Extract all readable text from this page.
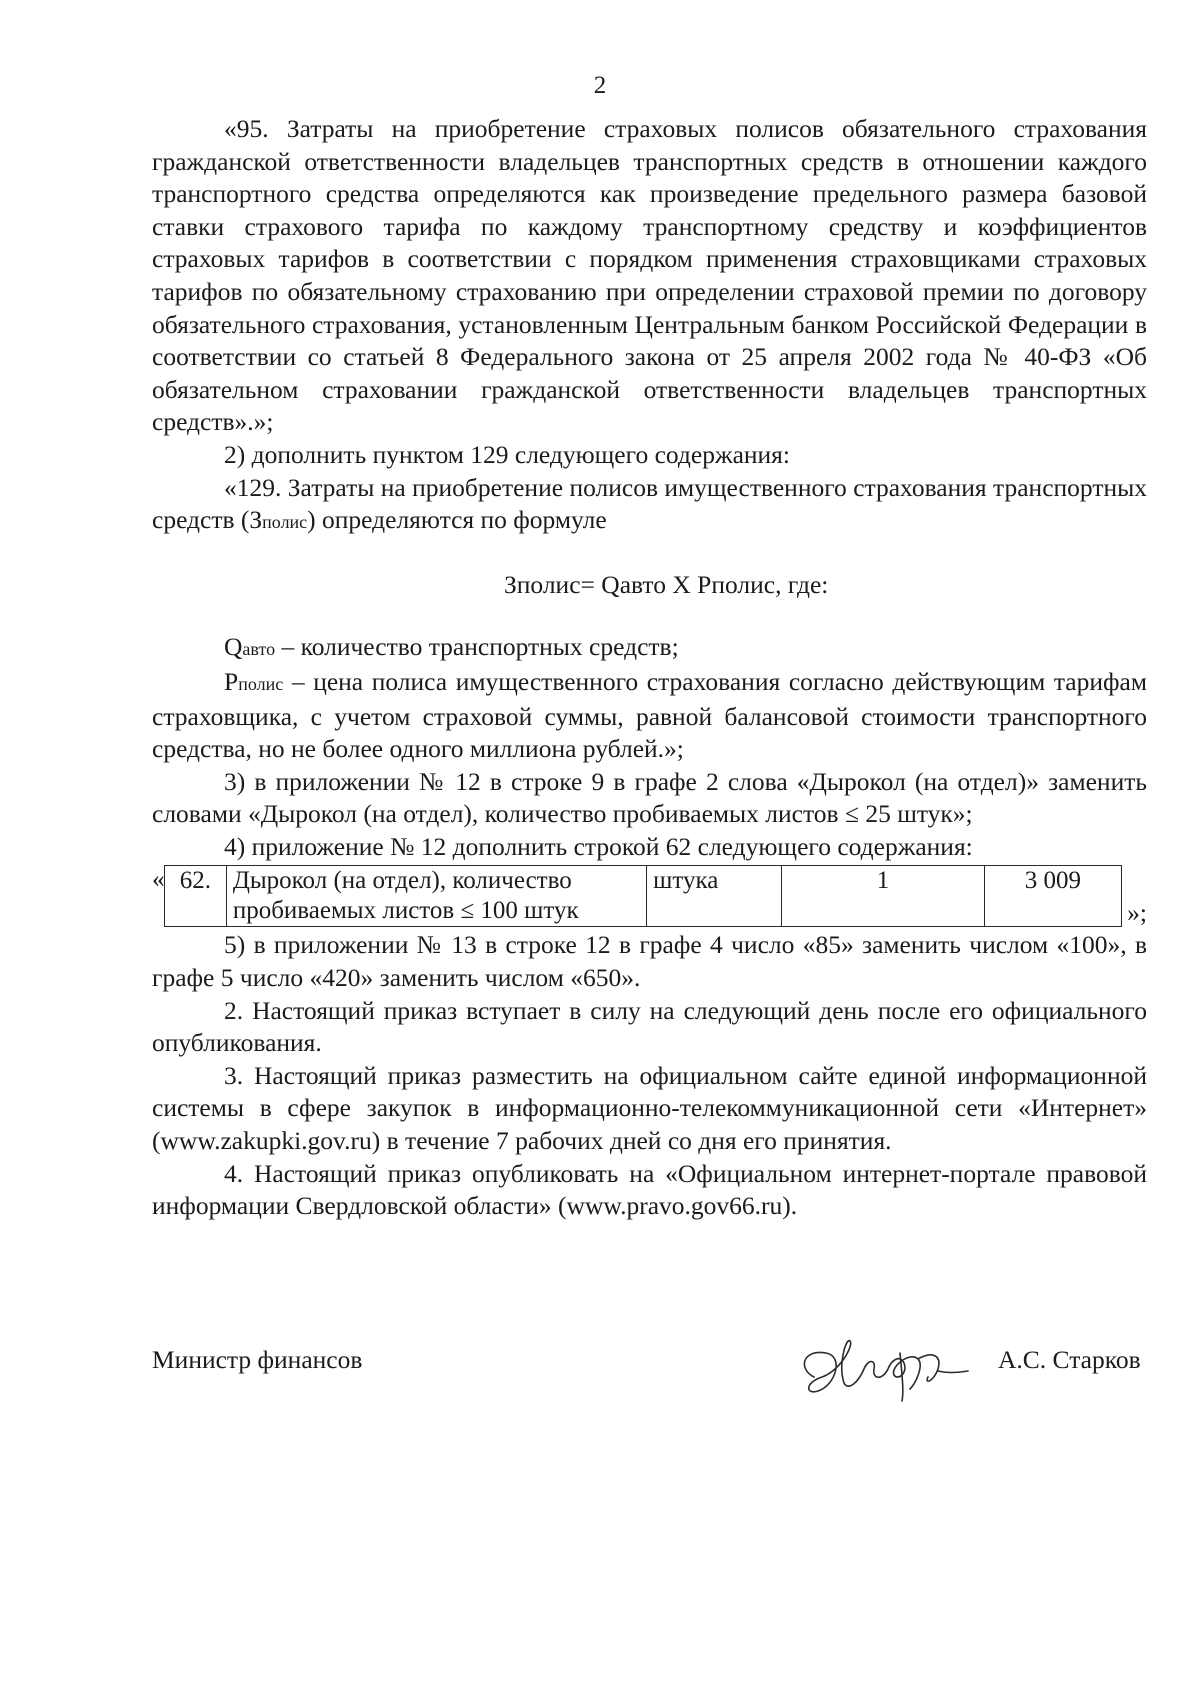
2

«95. Затраты на приобретение страховых полисов обязательного страхования гражданской ответственности владельцев транспортных средств в отношении каждого транспортного средства определяются как произведение предельного размера базовой ставки страхового тарифа по каждому транспортному средству и коэффициентов страховых тарифов в соответствии с порядком применения страховщиками страховых тарифов по обязательному страхованию при определении страховой премии по договору обязательного страхования, установленным Центральным банком Российской Федерации в соответствии со статьей 8 Федерального закона от 25 апреля 2002 года № 40-ФЗ «Об обязательном страховании гражданской ответственности владельцев транспортных средств».»;

2) дополнить пунктом 129 следующего содержания:

«129. Затраты на приобретение полисов имущественного страхования транспортных средств (Зполис) определяются по формуле

Зполис= Qавто X Рполис, где:

Qавто – количество транспортных средств;

Рполис – цена полиса имущественного страхования согласно действующим тарифам страховщика, с учетом страховой суммы, равной балансовой стоимости транспортного средства, но не более одного миллиона рублей.»;

3) в приложении № 12 в строке 9 в графе 2 слова «Дырокол (на отдел)» заменить словами «Дырокол (на отдел), количество пробиваемых листов ≤ 25 штук»;

4) приложение № 12 дополнить строкой 62 следующего содержания:

« 62.	Дырокол (на отдел), количество пробиваемых листов ≤ 100 штук	штука	1	3 009
»;

5) в приложении № 13 в строке 12 в графе 4 число «85» заменить числом «100», в графе 5 число «420» заменить числом «650».

2. Настоящий приказ вступает в силу на следующий день после его официального опубликования.

3. Настоящий приказ разместить на официальном сайте единой информационной системы в сфере закупок в информационно-телекоммуникационной сети «Интернет» (www.zakupki.gov.ru) в течение 7 рабочих дней со дня его принятия.

4. Настоящий приказ опубликовать на «Официальном интернет-портале правовой информации Свердловской области» (www.pravo.gov66.ru).

Министр финансов	А.С. Старков
